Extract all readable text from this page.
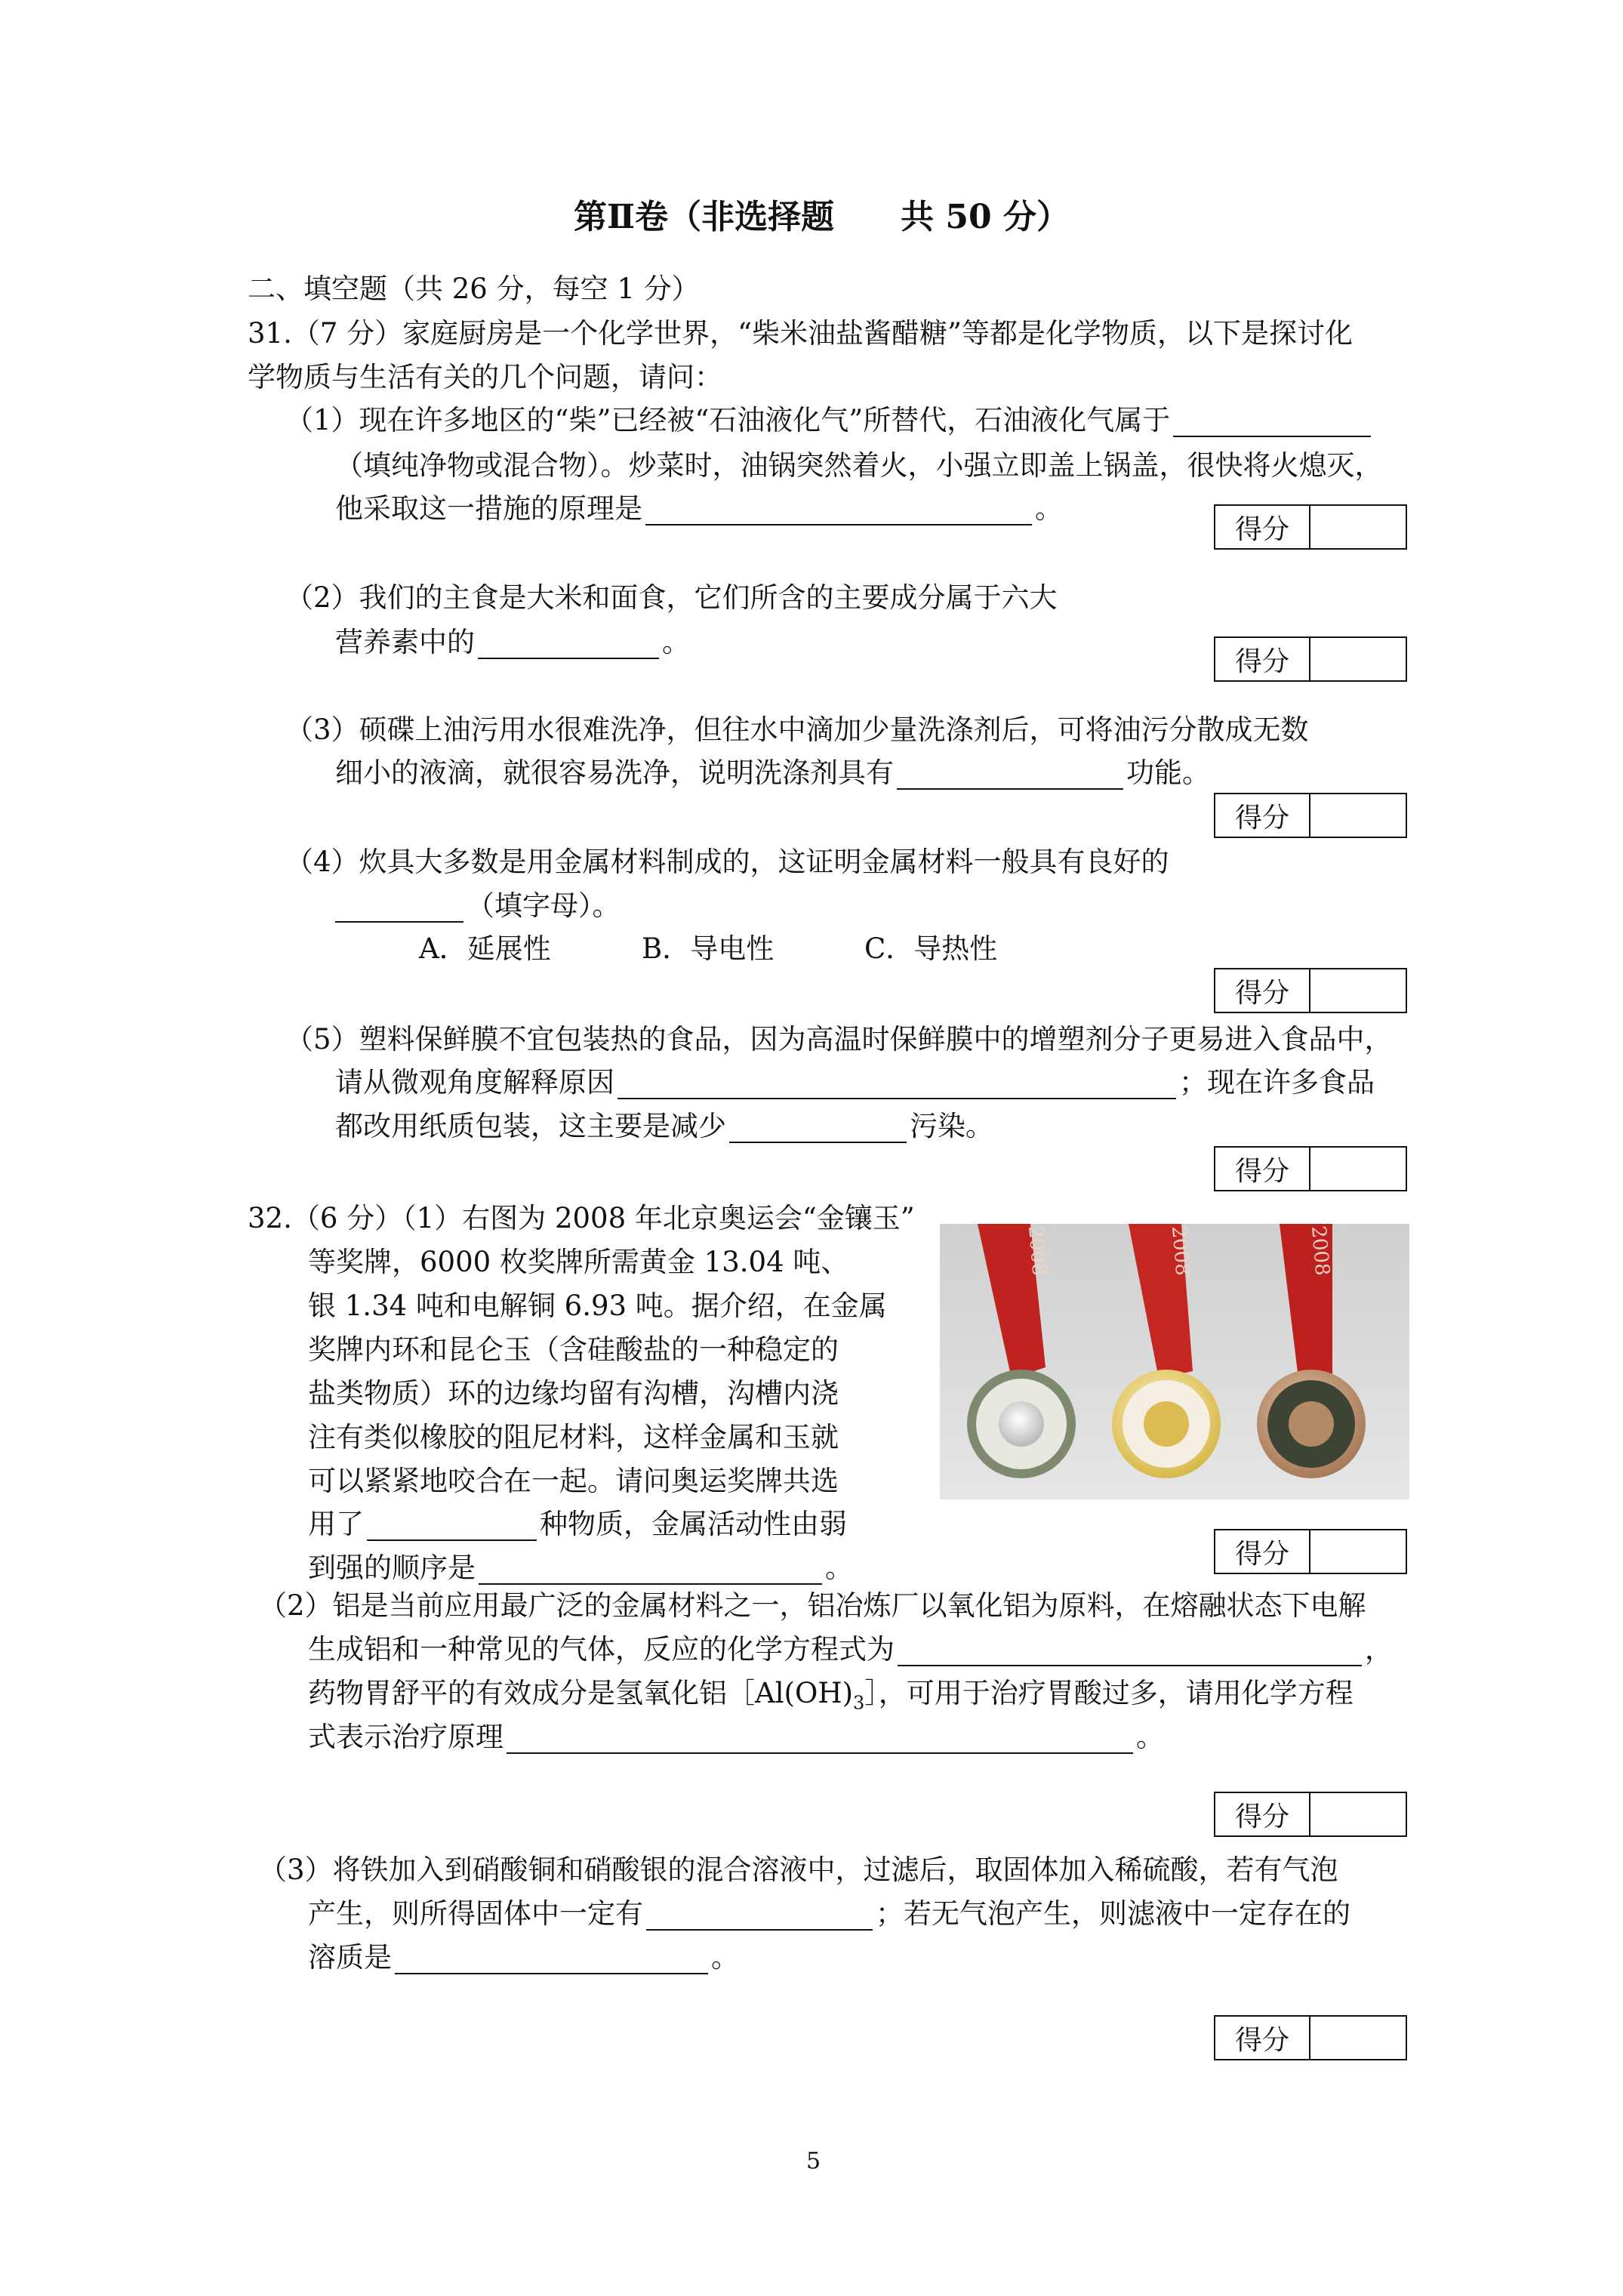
第Ⅱ卷（非选择题　　共 50 分）
二、填空题（共 26 分，每空 1 分）
31.（7 分）家庭厨房是一个化学世界，“柴米油盐酱醋糖”等都是化学物质，以下是探讨化
学物质与生活有关的几个问题，请问：
（1）现在许多地区的“柴”已经被“石油液化气”所替代，石油液化气属于
（填纯净物或混合物）。炒菜时，油锅突然着火，小强立即盖上锅盖，很快将火熄灭，
他采取这一措施的原理是	。
得分
（2）我们的主食是大米和面食，它们所含的主要成分属于六大
营养素中的	。
得分
（3）硕碟上油污用水很难洗净，但往水中滴加少量洗涤剂后，可将油污分散成无数
细小的液滴，就很容易洗净，说明洗涤剂具有	功能。
得分
（4）炊具大多数是用金属材料制成的，这证明金属材料一般具有良好的
（填字母）。
A．延展性	B．导电性	C．导热性
得分
（5）塑料保鲜膜不宜包装热的食品，因为高温时保鲜膜中的增塑剂分子更易进入食品中，
请从微观角度解释原因	；现在许多食品
都改用纸质包装，这主要是减少	污染。
得分
32.（6 分）（1）右图为 2008 年北京奥运会“金镶玉”
等奖牌，6000 枚奖牌所需黄金 13.04 吨、
银 1.34 吨和电解铜 6.93 吨。据介绍，在金属
奖牌内环和昆仑玉（含硅酸盐的一种稳定的
盐类物质）环的边缘均留有沟槽，沟槽内浇
注有类似橡胶的阻尼材料，这样金属和玉就
可以紧紧地咬合在一起。请问奥运奖牌共选
用了	种物质，金属活动性由弱
到强的顺序是	。
2008	2008	2008
得分
（2）铝是当前应用最广泛的金属材料之一，铝冶炼厂以氧化铝为原料，在熔融状态下电解
生成铝和一种常见的气体，反应的化学方程式为	，
药物胃舒平的有效成分是氢氧化铝$[Al(OH)_3]$，可用于治疗胃酸过多，请用化学方程
式表示治疗原理	。
得分
（3）将铁加入到硝酸铜和硝酸银的混合溶液中，过滤后，取固体加入稀硫酸，若有气泡
产生，则所得固体中一定有	；若无气泡产生，则滤液中一定存在的
溶质是	。
得分
5
